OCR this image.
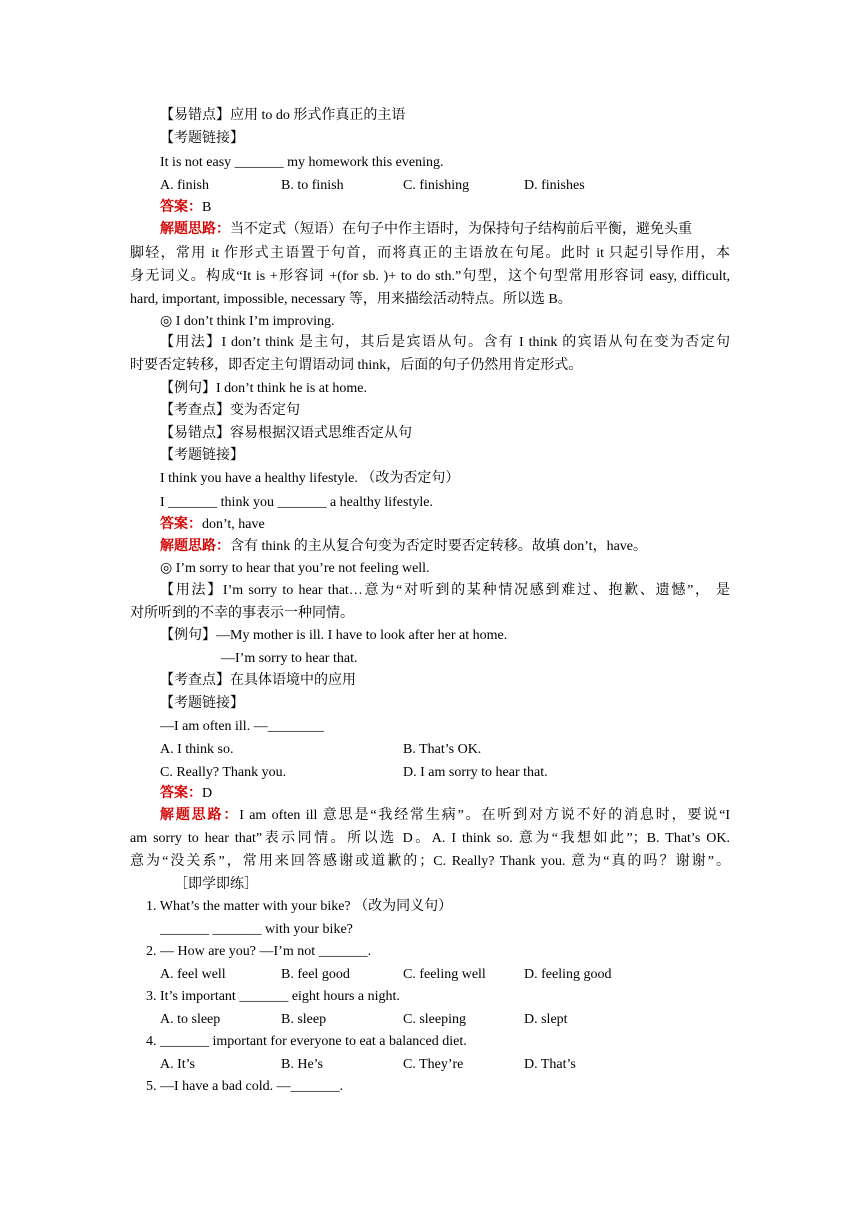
【易错点】应用 to do 形式作真正的主语
【考题链接】
It is not easy _______ my homework this evening.
A. finish	B. to finish	C. finishing	D. finishes
答案：B
解题思路：当不定式（短语）在句子中作主语时，为保持句子结构前后平衡，避免头重
脚轻，常用 it 作形式主语置于句首，而将真正的主语放在句尾。此时 it 只起引导作用，本
身无词义。构成“It is +形容词 +(for sb. )+ to do sth.”句型，这个句型常用形容词 easy, difficult,
hard, important, impossible, necessary 等，用来描绘活动特点。所以选 B。
◎ I don’t think I’m improving.
【用法】I don’t think 是主句，其后是宾语从句。含有 I think 的宾语从句在变为否定句
时要否定转移，即否定主句谓语动词 think，后面的句子仍然用肯定形式。
【例句】I don’t think he is at home.
【考查点】变为否定句
【易错点】容易根据汉语式思维否定从句
【考题链接】
I think you have a healthy lifestyle. （改为否定句）
I _______ think you _______ a healthy lifestyle.
答案：don’t, have
解题思路：含有 think 的主从复合句变为否定时要否定转移。故填 don’t，have。
◎ I’m sorry to hear that you’re not feeling well.
【用法】I’m sorry to hear that…意为“对听到的某种情况感到难过、抱歉、遗憾”， 是
对所听到的不幸的事表示一种同情。
【例句】—My mother is ill. I have to look after her at home.
—I’m sorry to hear that.
【考查点】在具体语境中的应用
【考题链接】
—I am often ill. —________
A. I think so.	B. That’s OK.
C. Really? Thank you.	D. I am sorry to hear that.
答案：D
解题思路：I am often ill 意思是“我经常生病”。在听到对方说不好的消息时，要说“I
am sorry to hear that”表示同情。所以选 D。A. I think so. 意为“我想如此”；B. That’s OK.
意为“没关系”，常用来回答感谢或道歉的；C. Really? Thank you. 意为“真的吗？谢谢”。
［即学即练］
1. What’s the matter with your bike? （改为同义句）
_______ _______ with your bike?
2. — How are you? —I’m not _______.
A. feel well	B. feel good	C. feeling well	D. feeling good
3. It’s important _______ eight hours a night.
A. to sleep	B. sleep	C. sleeping	D. slept
4. _______ important for everyone to eat a balanced diet.
A. It’s	B. He’s	C. They’re	D. That’s
5. —I have a bad cold. —_______.
